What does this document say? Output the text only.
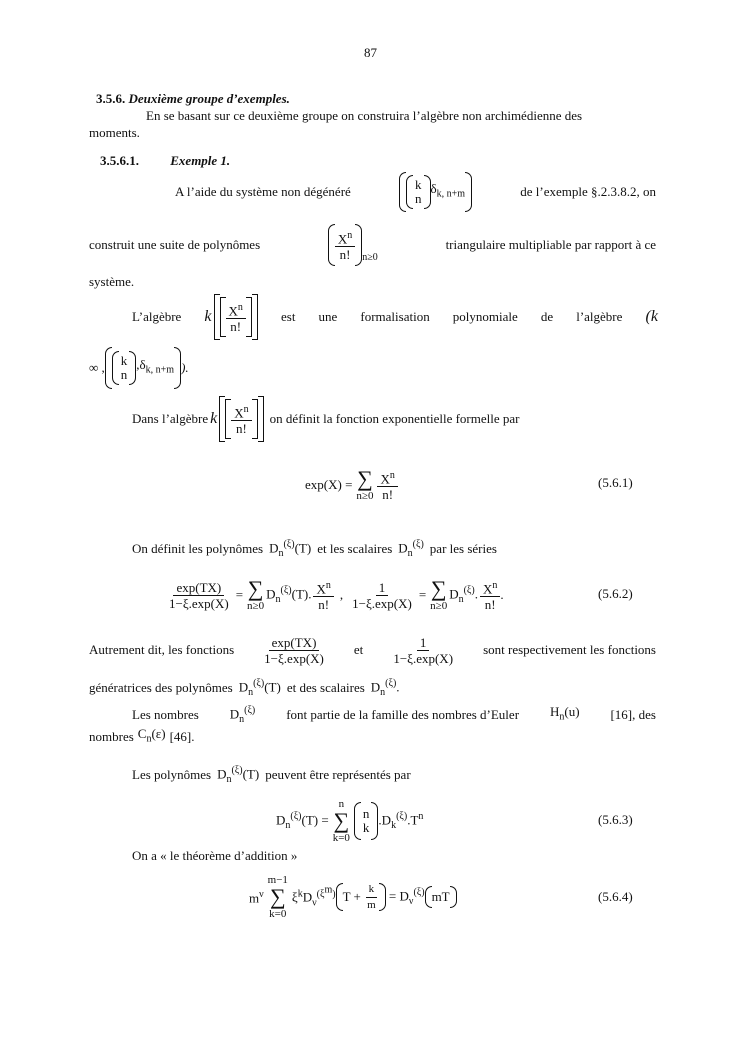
87
3.5.6. Deuxième groupe d’exemples.
En se basant sur ce deuxième groupe on construira l’algèbre non archimédienne des
moments.
3.5.6.1. Exemple 1.
A l’aide du système non dégénéré	k
n
$\delta_{k, n+m}$	de l’exemple §.2.3.8.2, on
construit une suite de polynômes	$\frac{X^n}{n!} _{n\ge 0}$
triangulaire multipliable par rapport à ce
système.
L’algèbre k $\frac{X^n}{n!}$	est une formalisation polynomiale de l’algèbre (k
∞ , k
n
$,\delta_{k, n+m}$ ).
Dans l’algèbre k $\frac{X^n}{n!}$ on définit la fonction exponentielle formelle par
exp(X) = ∑
$n\ge 0 \frac{X^n}{n!}$	(5.6.1)
On définit les polynômes $D_n^{(\xi)}(T)$ et les scalaires $D_n^{(\xi)}$ par les séries
$\frac{\exp(TX)}{1-\xi.\exp(X)}$ = ∑
n≥0
$D_n^{(\xi)}(T)$. $\frac{X^n}{n!}$ , $\frac{1}{1-\xi.\exp(X)}$ = ∑
n≥0
$D_n^{(\xi)}$. $\frac{X^n}{n!}$ .	(5.6.2)
Autrement dit, les fonctions $\frac{\exp(TX)}{1-\xi.\exp(X)}$ et $\frac{1}{1-\xi.\exp(X)}$ sont respectivement les fonctions
génératrices des polynômes $D_n^{(\xi)}(T)$ et des scalaires $D_n^{(\xi)}$.
Les nombres $D_n^{(\xi)}$ font partie de la famille des nombres d’Euler $H_n(u)$ [16], des
nombres $C_n(\varepsilon)$ [46].
Les polynômes $D_n^{(\xi)}(T)$ peuvent être représentés par
$D_n^{(\xi)}(T)$ =
n
∑
k=0
n
k
$.D_k^{(\xi)}.T^n$	(5.6.3)
On a « le théorème d’addition »
$m^\nu$
m−1
∑
k=0
$\xi^kD_\nu^{(\xi^m)}$ $T + \frac{k}{m} = D_\nu^{(\xi)}$ mT	(5.6.4)
